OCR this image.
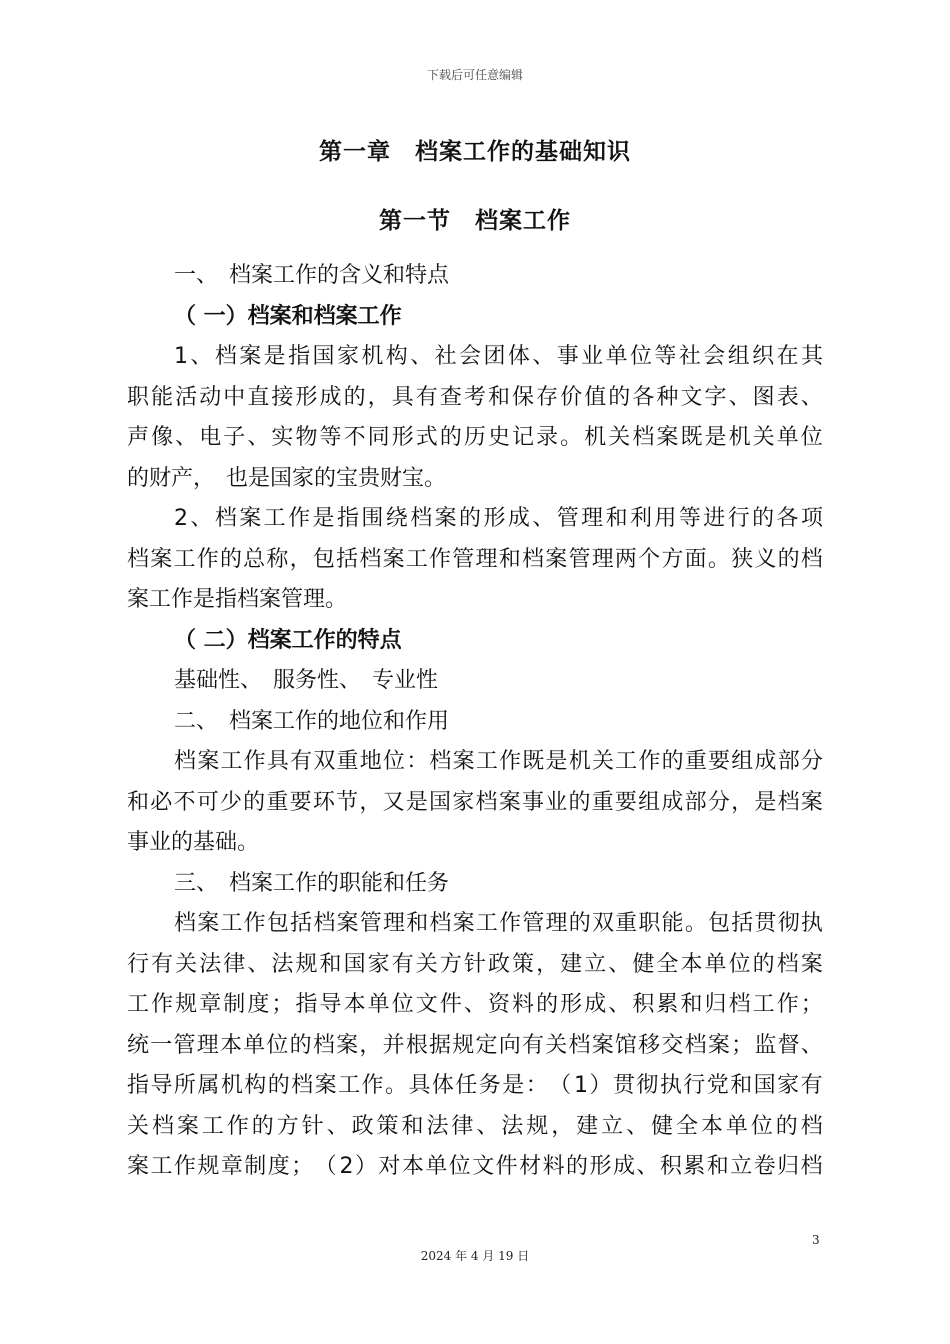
下载后可任意编辑
第一章　档案工作的基础知识
第一节　档案工作
一、　档案工作的含义和特点
（ 一）档案和档案工作
1 、 档 案 是 指 国 家 机 构 、 社 会 团 体 、 事 业 单 位 等 社 会 组 织 在 其
职 能 活 动 中 直 接 形 成 的 ， 具 有 查 考 和 保 存 价 值 的 各 种 文 字 、 图 表 、
声 像 、 电 子 、 实 物 等 不 同 形 式 的 历 史 记 录 。 机 关 档 案 既 是 机 关 单 位
的财产，　也是国家的宝贵财宝。
2 、 档 案 工 作 是 指 围 绕 档 案 的 形 成 、 管 理 和 利 用 等 进 行 的 各 项
档 案 工 作 的 总 称 ， 包 括 档 案 工 作 管 理 和 档 案 管 理 两 个 方 面 。 狭 义 的 档
案工作是指档案管理。
（ 二）档案工作的特点
基础性、　服务性、　专业性
二、　档案工作的地位和作用
档 案 工 作 具 有 双 重 地 位 ： 档 案 工 作 既 是 机 关 工 作 的 重 要 组 成 部 分
和 必 不 可 少 的 重 要 环 节 ， 又 是 国 家 档 案 事 业 的 重 要 组 成 部 分 ， 是 档 案
事业的基础。
三、　档案工作的职能和任务
档 案 工 作 包 括 档 案 管 理 和 档 案 工 作 管 理 的 双 重 职 能 。 包 括 贯 彻 执
行 有 关 法 律 、 法 规 和 国 家 有 关 方 针 政 策 ， 建 立 、 健 全 本 单 位 的 档 案
工 作 规 章 制 度 ； 指 导 本 单 位 文 件 、 资 料 的 形 成 、 积 累 和 归 档 工 作 ；
统 一 管 理 本 单 位 的 档 案 ， 并 根 据 规 定 向 有 关 档 案 馆 移 交 档 案 ； 监 督 、
指 导 所 属 机 构 的 档 案 工 作 。 具 体 任 务 是 ： （ 1 ） 贯 彻 执 行 党 和 国 家 有
关 档 案 工 作 的 方 针 、 政 策 和 法 律 、 法 规 ， 建 立 、 健 全 本 单 位 的 档
案 工 作 规 章 制 度 ； （ 2 ） 对 本 单 位 文 件 材 料 的 形 成 、 积 累 和 立 卷 归 档
3
2024 年 4 月 19 日
